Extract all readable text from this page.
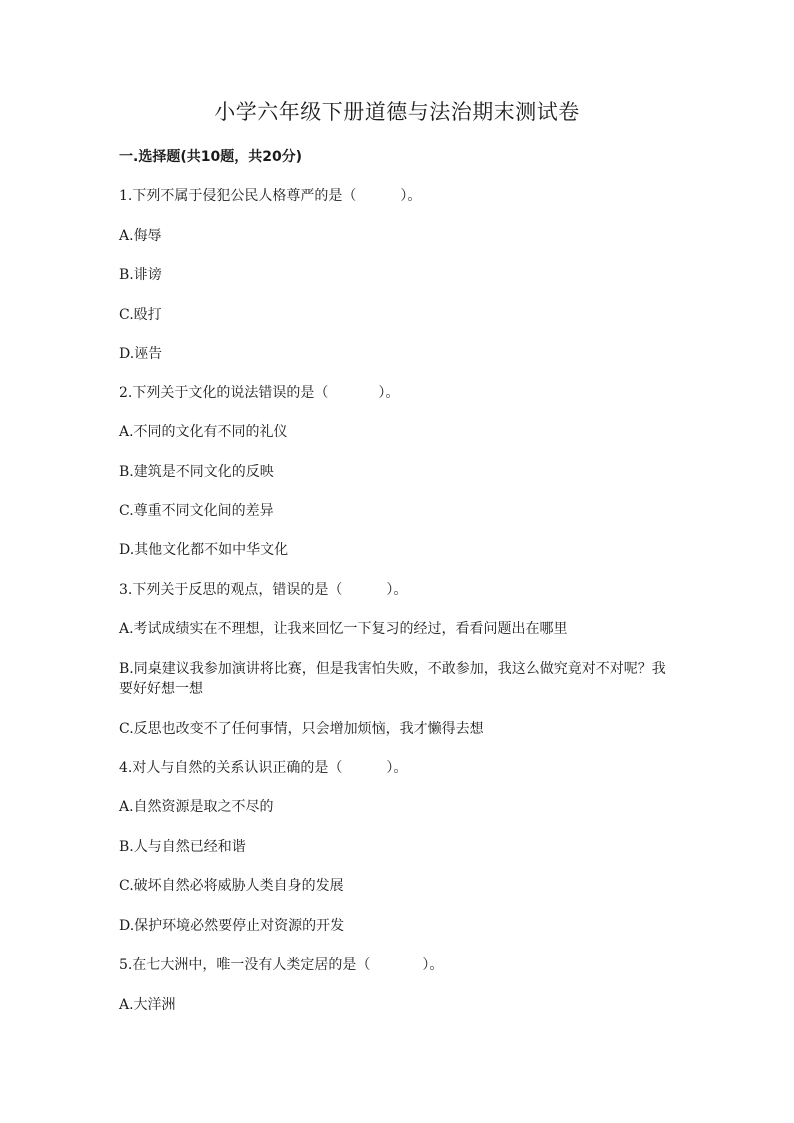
小学六年级下册道德与法治期末测试卷
一.选择题(共10题，共20分)
1.下列不属于侵犯公民人格尊严的是（	）。
A.侮辱
B.诽谤
C.殴打
D.诬告
2.下列关于文化的说法错误的是（	）。
A.不同的文化有不同的礼仪
B.建筑是不同文化的反映
C.尊重不同文化间的差异
D.其他文化都不如中华文化
3.下列关于反思的观点，错误的是（	）。
A.考试成绩实在不理想，让我来回忆一下复习的经过，看看问题出在哪里
B.同桌建议我参加演讲将比赛，但是我害怕失败，不敢参加，我这么做究竟对不对呢？我要好好想一想
C.反思也改变不了任何事情，只会增加烦恼，我才懒得去想
4.对人与自然的关系认识正确的是（	）。
A.自然资源是取之不尽的
B.人与自然已经和谐
C.破坏自然必将威胁人类自身的发展
D.保护环境必然要停止对资源的开发
5.在七大洲中，唯一没有人类定居的是（	）。
A.大洋洲
